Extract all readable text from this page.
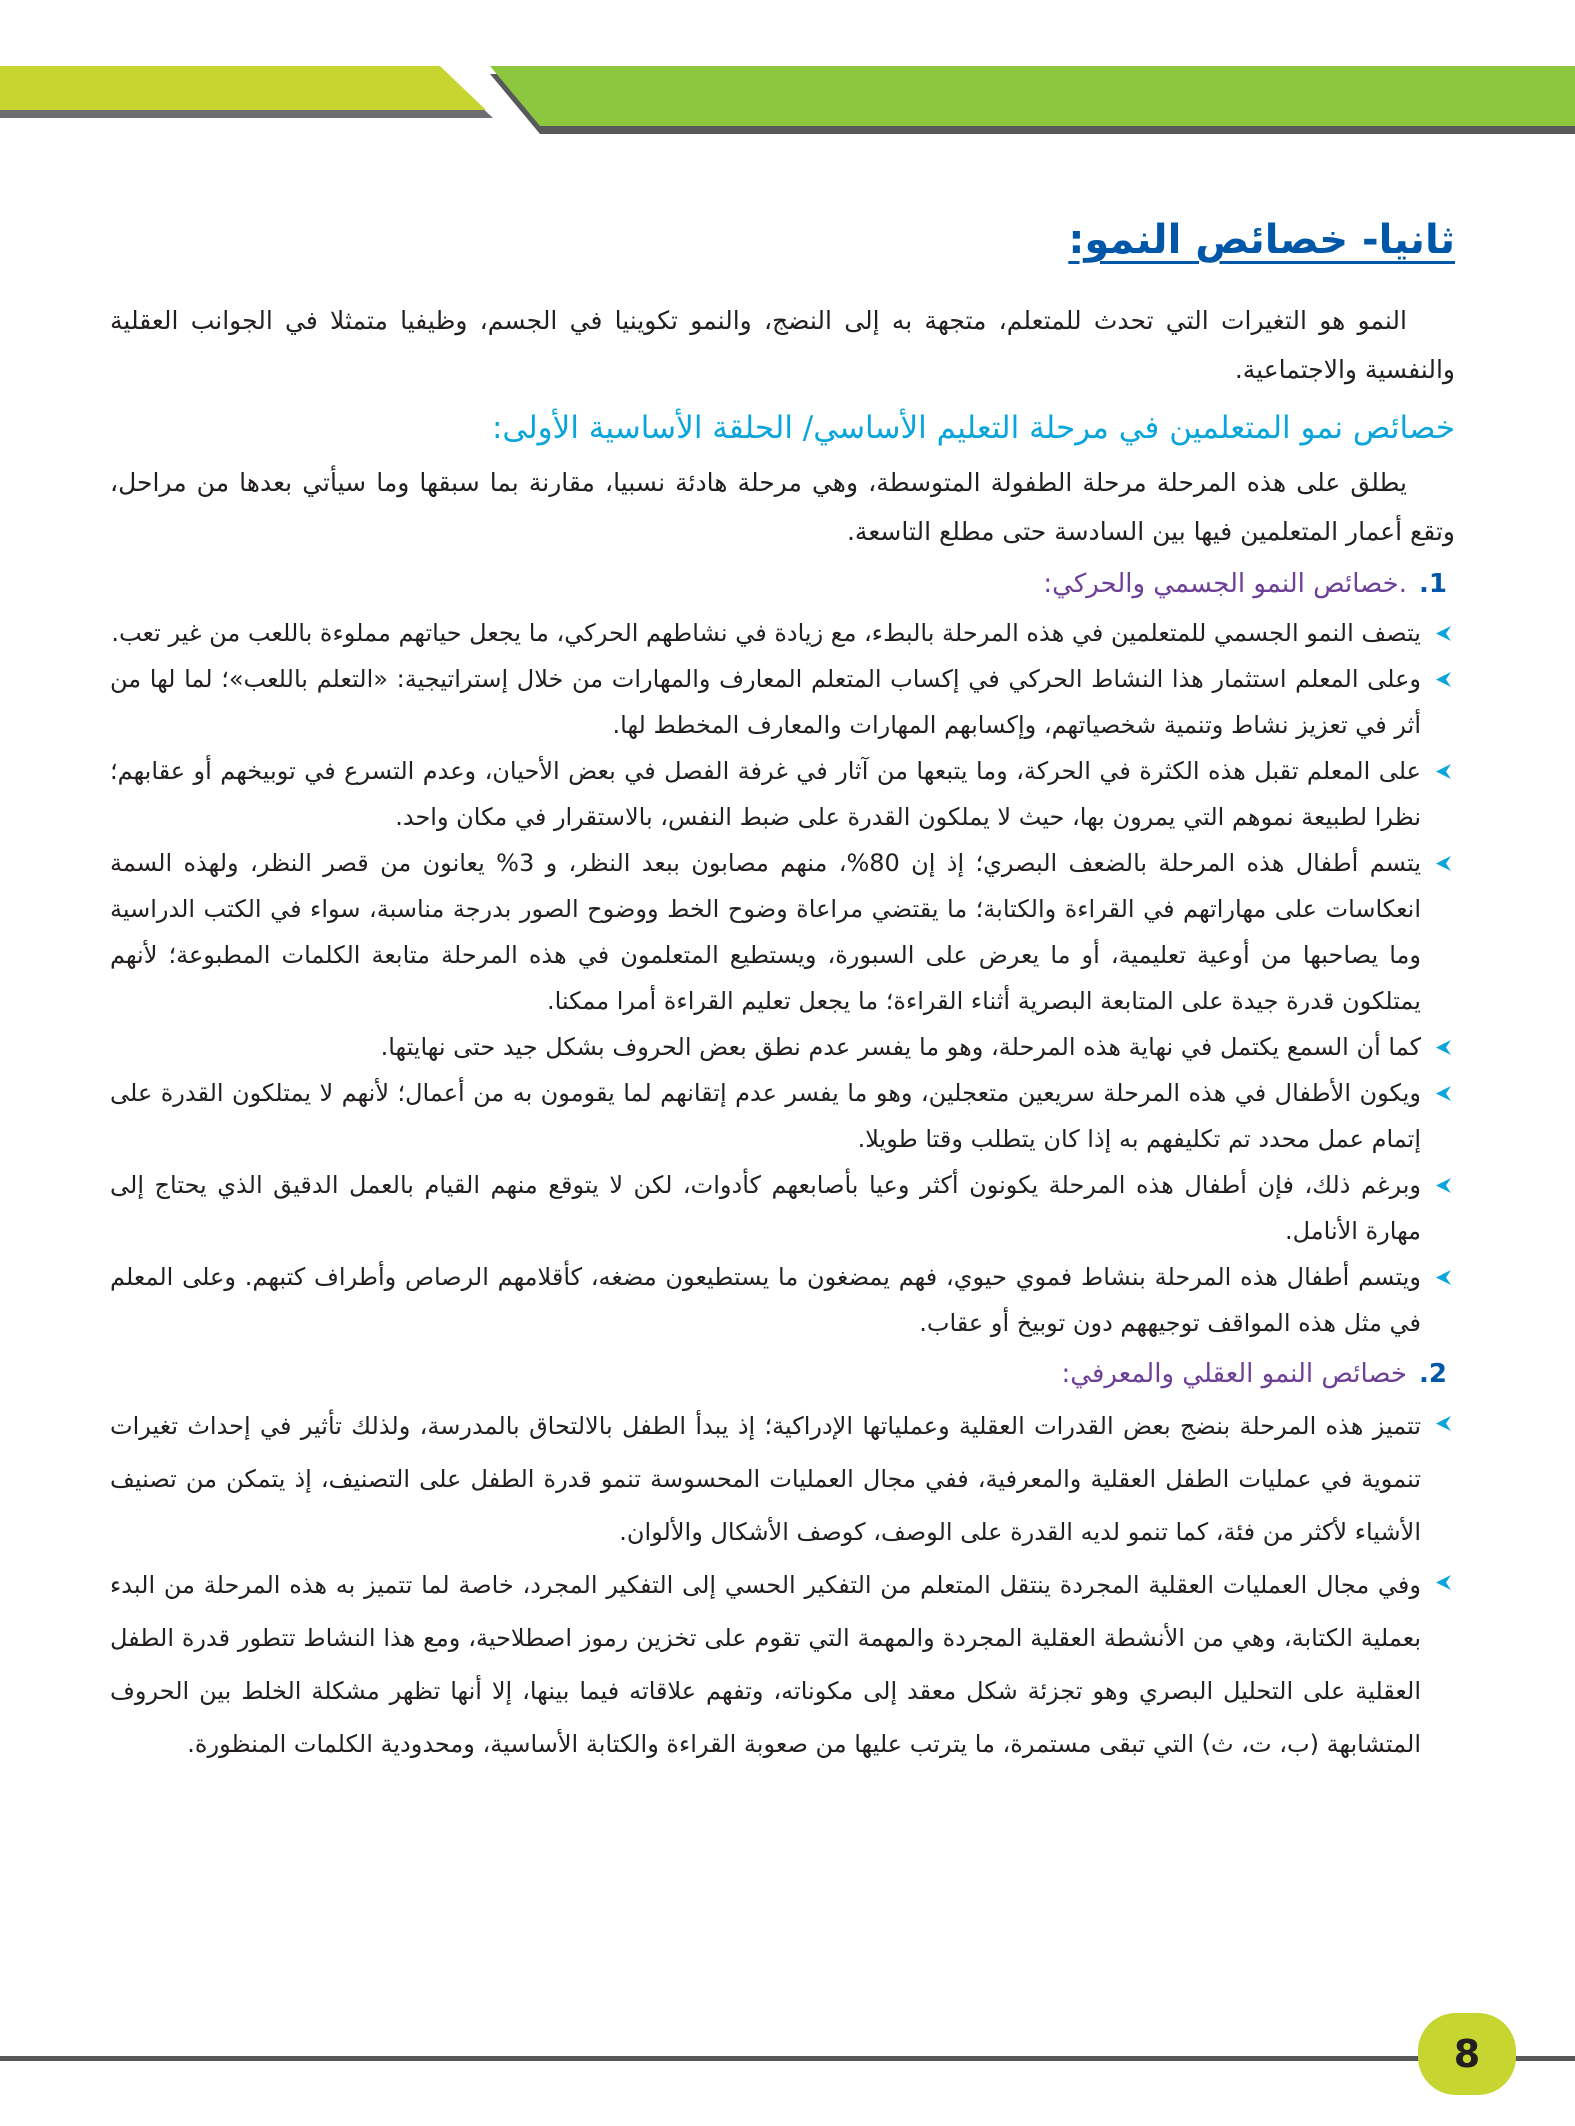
ثانيا- خصائص النمو:

النمو هو التغيرات التي تحدث للمتعلم، متجهة به إلى النضج، والنمو تكوينيا في الجسم، وظيفيا متمثلا في الجوانب العقلية والنفسية والاجتماعية.

خصائص نمو المتعلمين في مرحلة التعليم الأساسي/ الحلقة الأساسية الأولى:

يطلق على هذه المرحلة مرحلة الطفولة المتوسطة، وهي مرحلة هادئة نسبيا، مقارنة بما سبقها وما سيأتي بعدها من مراحل، وتقع أعمار المتعلمين فيها بين السادسة حتى مطلع التاسعة.

1.
.خصائص النمو الجسمي والحركي:
يتصف النمو الجسمي للمتعلمين في هذه المرحلة بالبطء، مع زيادة في نشاطهم الحركي، ما يجعل حياتهم مملوءة باللعب من غير تعب.
وعلى المعلم استثمار هذا النشاط الحركي في إكساب المتعلم المعارف والمهارات من خلال إستراتيجية: «التعلم باللعب»؛ لما لها من أثر في تعزيز نشاط وتنمية شخصياتهم، وإكسابهم المهارات والمعارف المخطط لها.
على المعلم تقبل هذه الكثرة في الحركة، وما يتبعها من آثار في غرفة الفصل في بعض الأحيان، وعدم التسرع في توبيخهم أو عقابهم؛ نظرا لطبيعة نموهم التي يمرون بها، حيث لا يملكون القدرة على ضبط النفس، بالاستقرار في مكان واحد.
يتسم أطفال هذه المرحلة بالضعف البصري؛ إذ إن 80%، منهم مصابون ببعد النظر، و 3% يعانون من قصر النظر، ولهذه السمة انعكاسات على مهاراتهم في القراءة والكتابة؛ ما يقتضي مراعاة وضوح الخط ووضوح الصور بدرجة مناسبة، سواء في الكتب الدراسية وما يصاحبها من أوعية تعليمية، أو ما يعرض على السبورة، ويستطيع المتعلمون في هذه المرحلة متابعة الكلمات المطبوعة؛ لأنهم يمتلكون قدرة جيدة على المتابعة البصرية أثناء القراءة؛ ما يجعل تعليم القراءة أمرا ممكنا.
كما أن السمع يكتمل في نهاية هذه المرحلة، وهو ما يفسر عدم نطق بعض الحروف بشكل جيد حتى نهايتها.
ويكون الأطفال في هذه المرحلة سريعين متعجلين، وهو ما يفسر عدم إتقانهم لما يقومون به من أعمال؛ لأنهم لا يمتلكون القدرة على إتمام عمل محدد تم تكليفهم به إذا كان يتطلب وقتا طويلا.
وبرغم ذلك، فإن أطفال هذه المرحلة يكونون أكثر وعيا بأصابعهم كأدوات، لكن لا يتوقع منهم القيام بالعمل الدقيق الذي يحتاج إلى مهارة الأنامل.
ويتسم أطفال هذه المرحلة بنشاط فموي حيوي، فهم يمضغون ما يستطيعون مضغه، كأقلامهم الرصاص وأطراف كتبهم. وعلى المعلم في مثل هذه المواقف توجيههم دون توبيخ أو عقاب.
2.
خصائص النمو العقلي والمعرفي:
تتميز هذه المرحلة بنضج بعض القدرات العقلية وعملياتها الإدراكية؛ إذ يبدأ الطفل بالالتحاق بالمدرسة، ولذلك تأثير في إحداث تغيرات تنموية في عمليات الطفل العقلية والمعرفية، ففي مجال العمليات المحسوسة تنمو قدرة الطفل على التصنيف، إذ يتمكن من تصنيف الأشياء لأكثر من فئة، كما تنمو لديه القدرة على الوصف، كوصف الأشكال والألوان.
وفي مجال العمليات العقلية المجردة ينتقل المتعلم من التفكير الحسي إلى التفكير المجرد، خاصة لما تتميز به هذه المرحلة من البدء بعملية الكتابة، وهي من الأنشطة العقلية المجردة والمهمة التي تقوم على تخزين رموز اصطلاحية، ومع هذا النشاط تتطور قدرة الطفل العقلية على التحليل البصري وهو تجزئة شكل معقد إلى مكوناته، وتفهم علاقاته فيما بينها، إلا أنها تظهر مشكلة الخلط بين الحروف المتشابهة (ب، ت، ث) التي تبقى مستمرة، ما يترتب عليها من صعوبة القراءة والكتابة الأساسية، ومحدودية الكلمات المنظورة.
8
